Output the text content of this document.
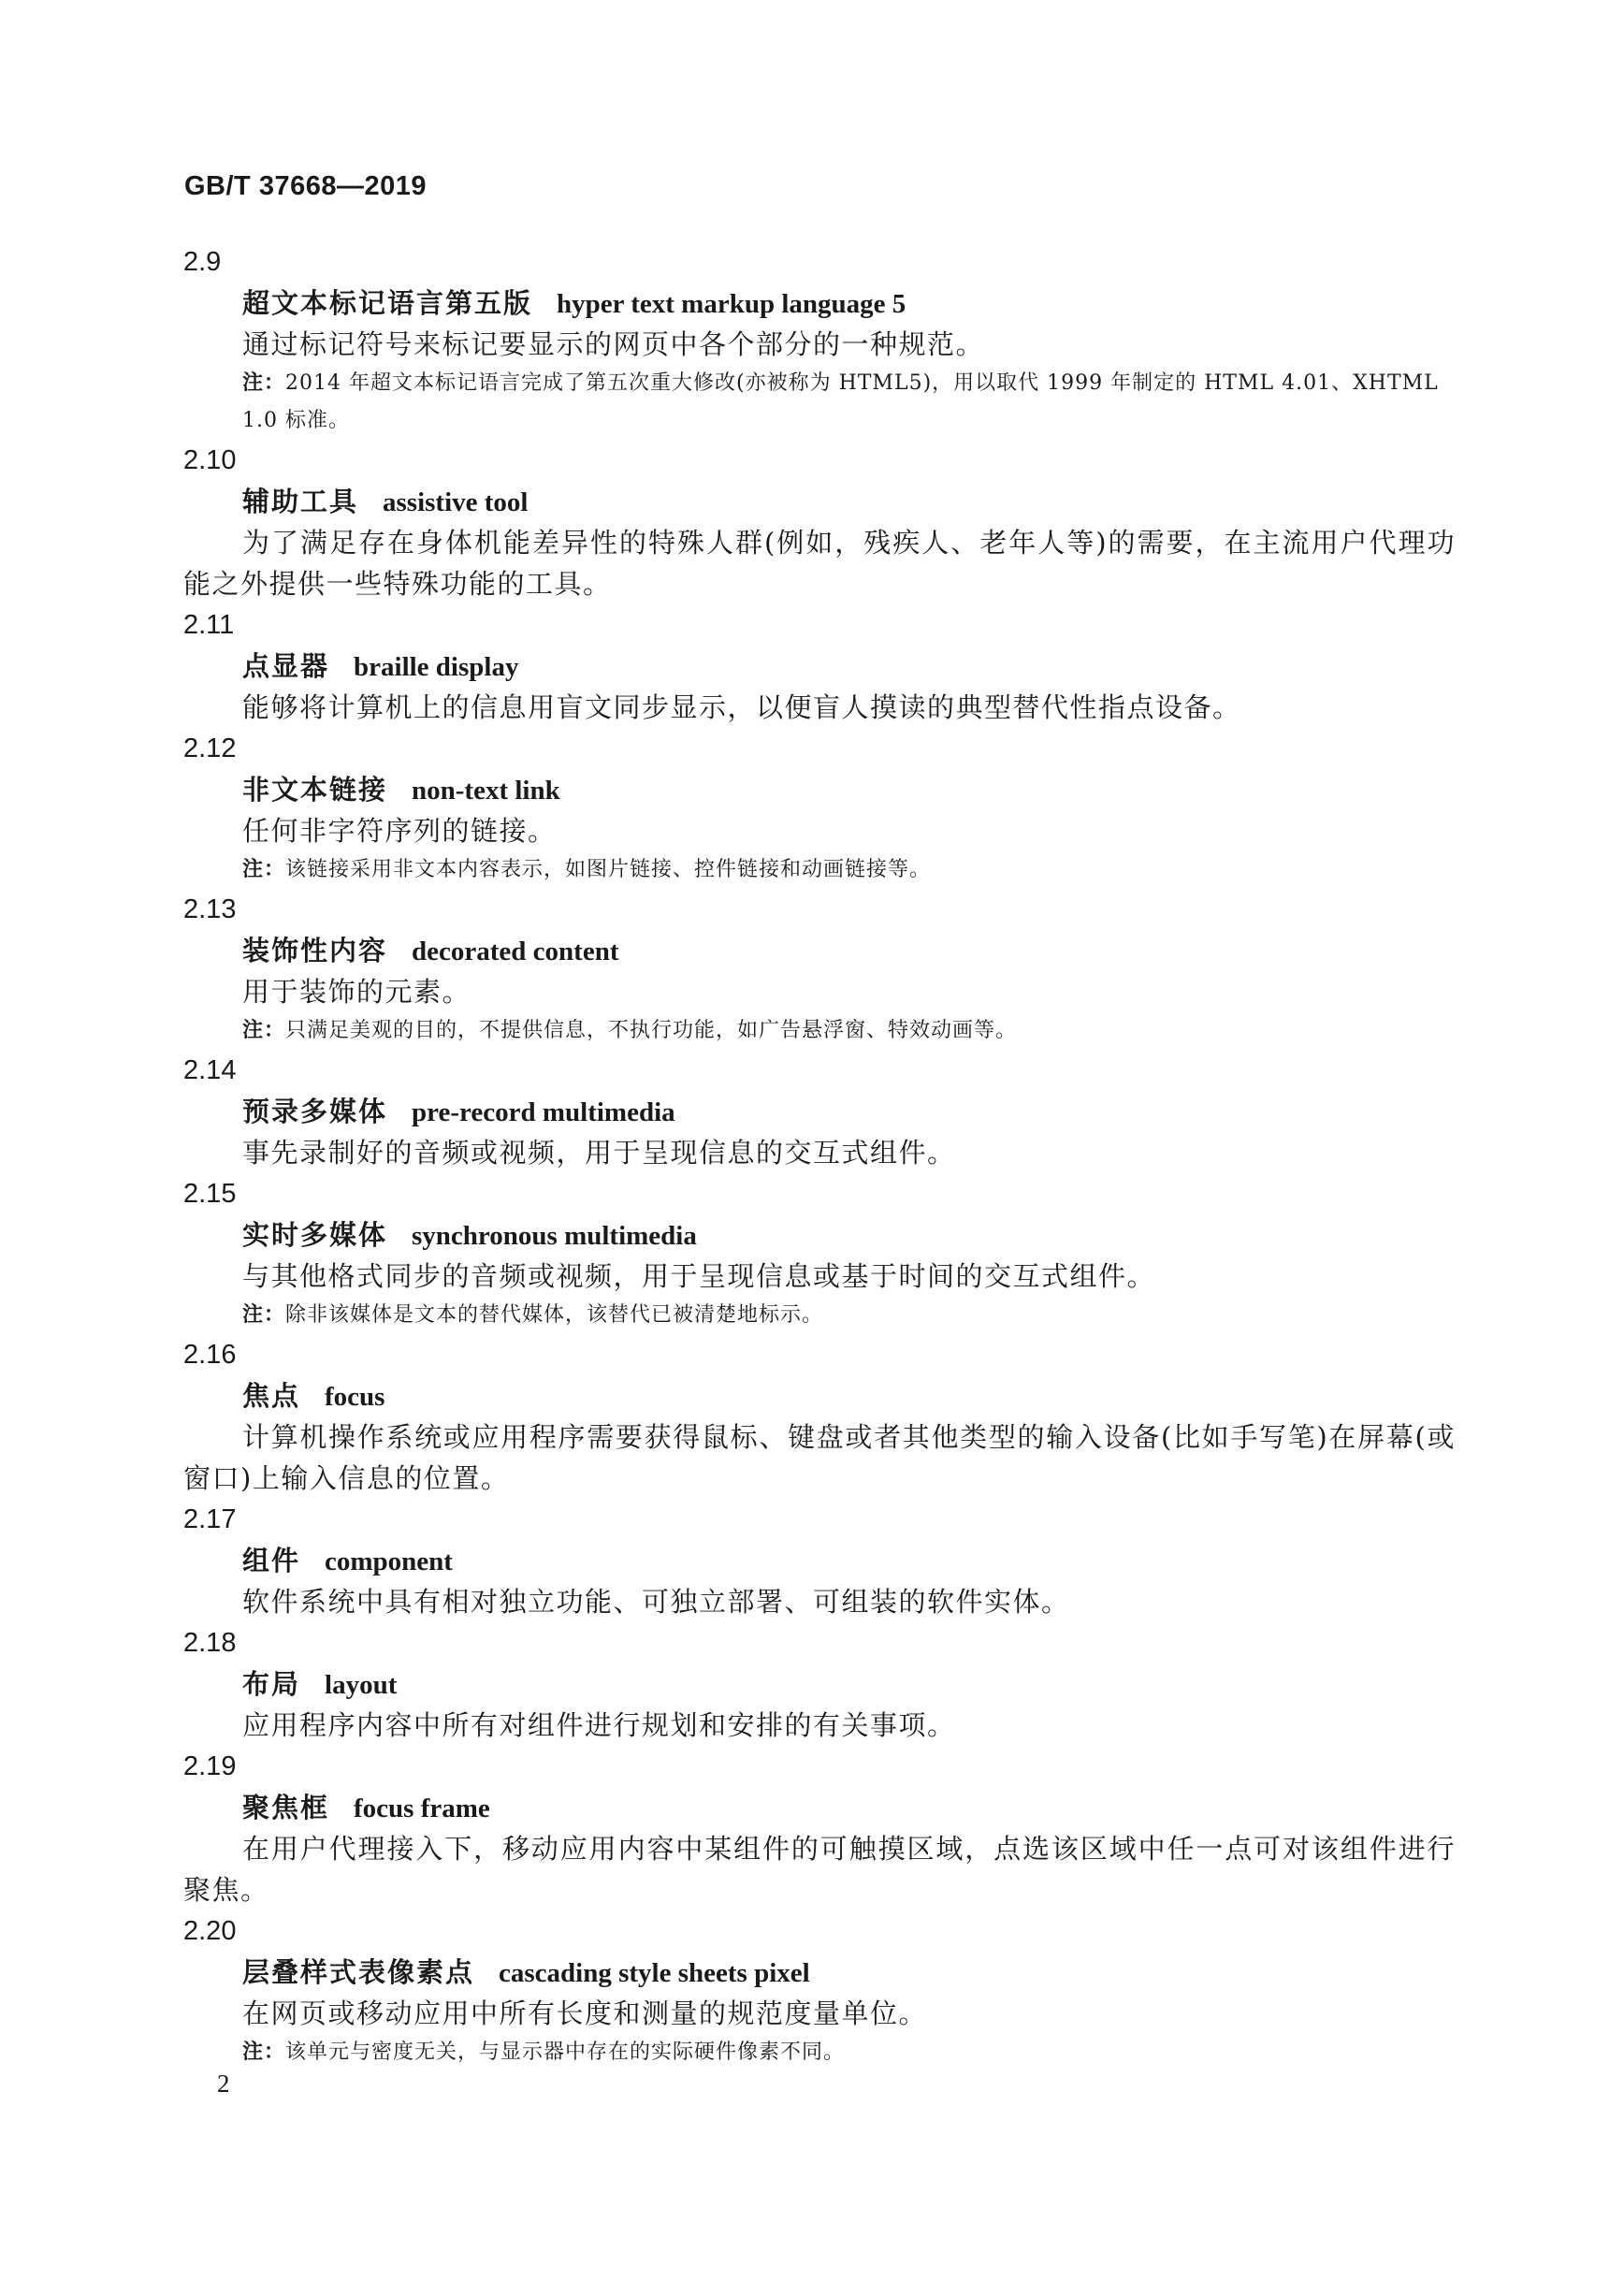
GB/T 37668—2019
2.9
超文本标记语言第五版 hyper text markup language 5
通过标记符号来标记要显示的网页中各个部分的一种规范。
注：2014 年超文本标记语言完成了第五次重大修改(亦被称为 HTML5)，用以取代 1999 年制定的 HTML 4.01、XHTML 1.0 标准。
2.10
辅助工具 assistive tool
为了满足存在身体机能差异性的特殊人群(例如，残疾人、老年人等)的需要，在主流用户代理功能之外提供一些特殊功能的工具。
2.11
点显器 braille display
能够将计算机上的信息用盲文同步显示，以便盲人摸读的典型替代性指点设备。
2.12
非文本链接 non-text link
任何非字符序列的链接。
注：该链接采用非文本内容表示，如图片链接、控件链接和动画链接等。
2.13
装饰性内容 decorated content
用于装饰的元素。
注：只满足美观的目的，不提供信息，不执行功能，如广告悬浮窗、特效动画等。
2.14
预录多媒体 pre-record multimedia
事先录制好的音频或视频，用于呈现信息的交互式组件。
2.15
实时多媒体 synchronous multimedia
与其他格式同步的音频或视频，用于呈现信息或基于时间的交互式组件。
注：除非该媒体是文本的替代媒体，该替代已被清楚地标示。
2.16
焦点 focus
计算机操作系统或应用程序需要获得鼠标、键盘或者其他类型的输入设备(比如手写笔)在屏幕(或窗口)上输入信息的位置。
2.17
组件 component
软件系统中具有相对独立功能、可独立部署、可组装的软件实体。
2.18
布局 layout
应用程序内容中所有对组件进行规划和安排的有关事项。
2.19
聚焦框 focus frame
在用户代理接入下，移动应用内容中某组件的可触摸区域，点选该区域中任一点可对该组件进行聚焦。
2.20
层叠样式表像素点 cascading style sheets pixel
在网页或移动应用中所有长度和测量的规范度量单位。
注：该单元与密度无关，与显示器中存在的实际硬件像素不同。
2
